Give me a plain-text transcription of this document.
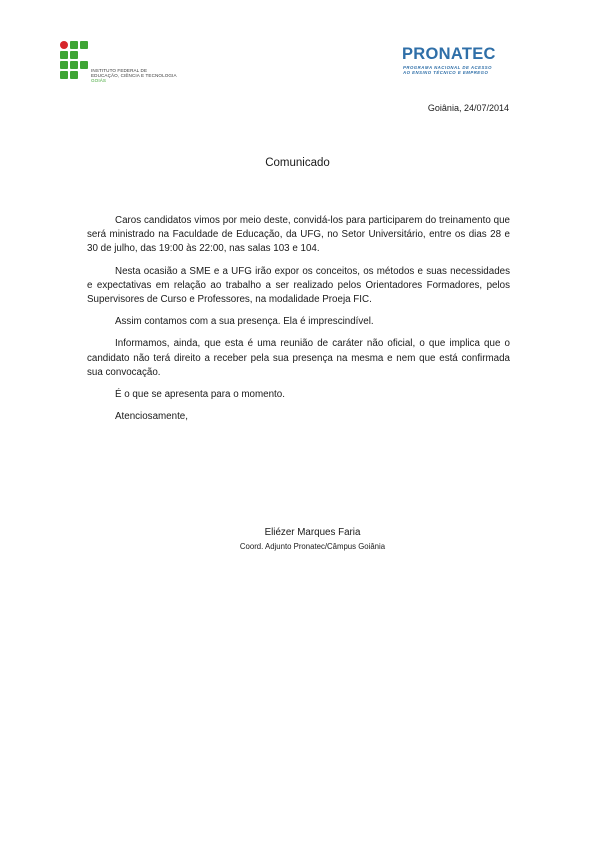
INSTITUTO FEDERAL DE
EDUCAÇÃO, CIÊNCIA E TECNOLOGIA
GOIÁS
PRONATEC
PROGRAMA NACIONAL DE ACESSO
AO ENSINO TÉCNICO E EMPREGO
Goiânia, 24/07/2014
Comunicado

Caros candidatos vimos por meio deste, convidá-los para participarem do treinamento que será ministrado na Faculdade de Educação, da UFG, no Setor Universitário, entre os dias 28 e 30 de julho, das 19:00 às 22:00, nas salas 103 e 104.

Nesta ocasião a SME e a UFG irão expor os conceitos, os métodos e suas necessidades e expectativas em relação ao trabalho a ser realizado pelos Orientadores Formadores, pelos Supervisores de Curso e Professores, na modalidade Proeja FIC.

Assim contamos com a sua presença. Ela é imprescindível.

Informamos, ainda, que esta é uma reunião de caráter não oficial, o que implica que o candidato não terá direito a receber pela sua presença na mesma e nem que está confirmada sua convocação.

É o que se apresenta para o momento.

Atenciosamente,

Eliézer Marques Faria
Coord. Adjunto Pronatec/Câmpus Goiânia
